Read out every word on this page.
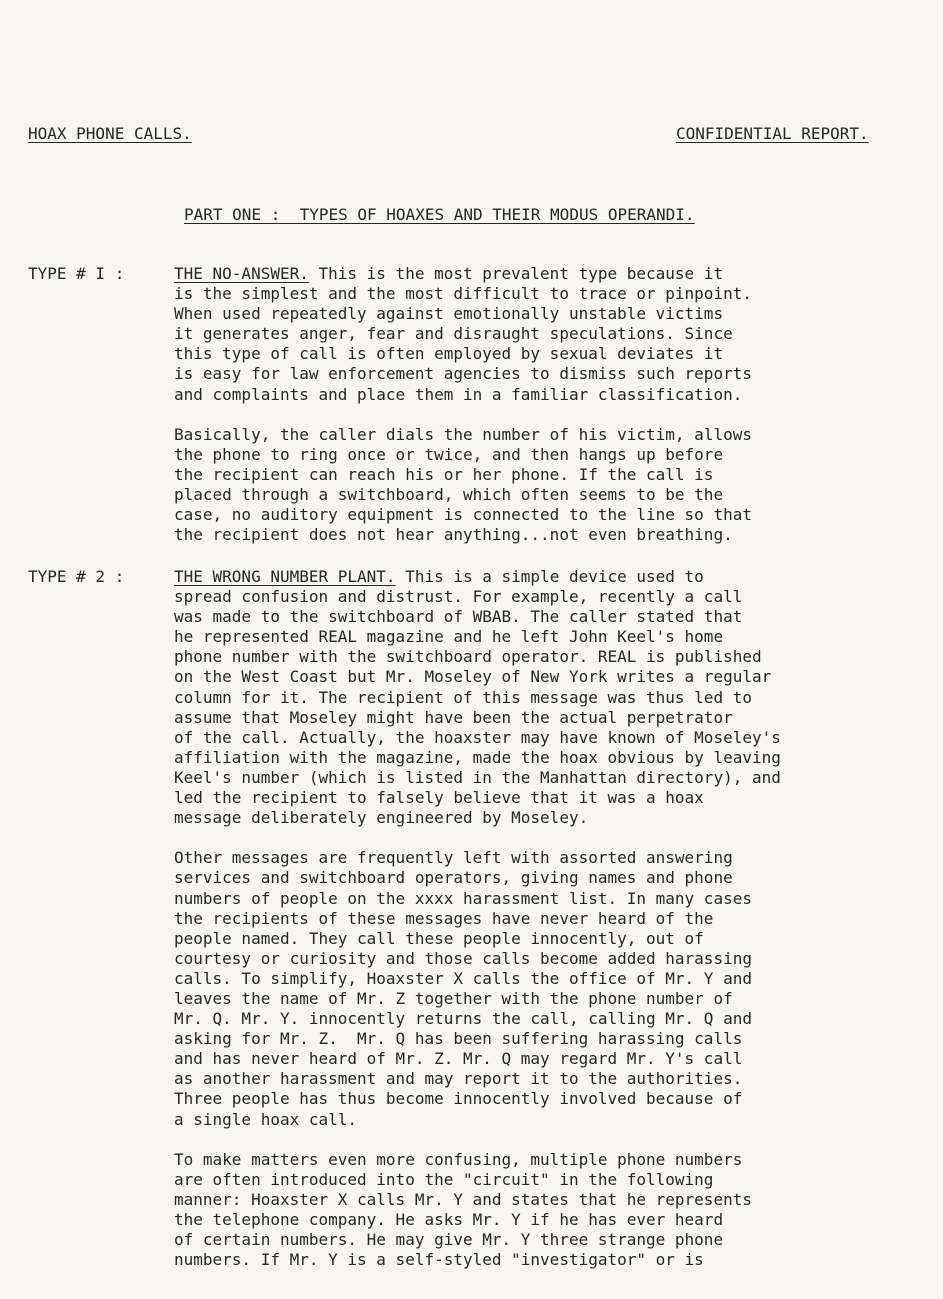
HOAX PHONE CALLS.	CONFIDENTIAL REPORT.
PART ONE :  TYPES OF HOAXES AND THEIR MODUS OPERANDI.
TYPE # I :	THE NO-ANSWER. This is the most prevalent type because it
is the simplest and the most difficult to trace or pinpoint.
When used repeatedly against emotionally unstable victims
it generates anger, fear and disraught speculations. Since
this type of call is often employed by sexual deviates it
is easy for law enforcement agencies to dismiss such reports
and complaints and place them in a familiar classification.
Basically, the caller dials the number of his victim, allows
the phone to ring once or twice, and then hangs up before
the recipient can reach his or her phone. If the call is
placed through a switchboard, which often seems to be the
case, no auditory equipment is connected to the line so that
the recipient does not hear anything...not even breathing.
TYPE # 2 :	THE WRONG NUMBER PLANT. This is a simple device used to
spread confusion and distrust. For example, recently a call
was made to the switchboard of WBAB. The caller stated that
he represented REAL magazine and he left John Keel's home
phone number with the switchboard operator. REAL is published
on the West Coast but Mr. Moseley of New York writes a regular
column for it. The recipient of this message was thus led to
assume that Moseley might have been the actual perpetrator
of the call. Actually, the hoaxster may have known of Moseley's
affiliation with the magazine, made the hoax obvious by leaving
Keel's number (which is listed in the Manhattan directory), and
led the recipient to falsely believe that it was a hoax
message deliberately engineered by Moseley.
Other messages are frequently left with assorted answering
services and switchboard operators, giving names and phone
numbers of people on the xxxx harassment list. In many cases
the recipients of these messages have never heard of the
people named. They call these people innocently, out of
courtesy or curiosity and those calls become added harassing
calls. To simplify, Hoaxster X calls the office of Mr. Y and
leaves the name of Mr. Z together with the phone number of
Mr. Q. Mr. Y. innocently returns the call, calling Mr. Q and
asking for Mr. Z.  Mr. Q has been suffering harassing calls
and has never heard of Mr. Z. Mr. Q may regard Mr. Y's call
as another harassment and may report it to the authorities.
Three people has thus become innocently involved because of
a single hoax call.
To make matters even more confusing, multiple phone numbers
are often introduced into the "circuit" in the following
manner: Hoaxster X calls Mr. Y and states that he represents
the telephone company. He asks Mr. Y if he has ever heard
of certain numbers. He may give Mr. Y three strange phone
numbers. If Mr. Y is a self-styled "investigator" or is
